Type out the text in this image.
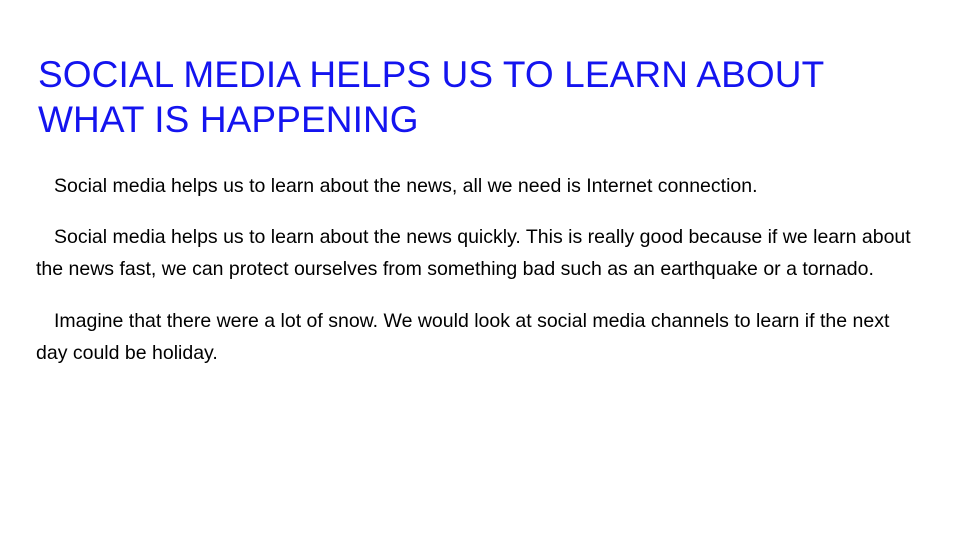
SOCIAL MEDIA HELPS US TO LEARN ABOUT WHAT IS HAPPENING

Social media helps us to learn about the news, all we need is Internet connection.

Social media helps us to learn about the news quickly. This is really good because if we learn about the news fast, we can protect ourselves from something bad such as an earthquake or a tornado.

Imagine that there were a lot of snow. We would look at social media channels to learn if the next day could be holiday.
